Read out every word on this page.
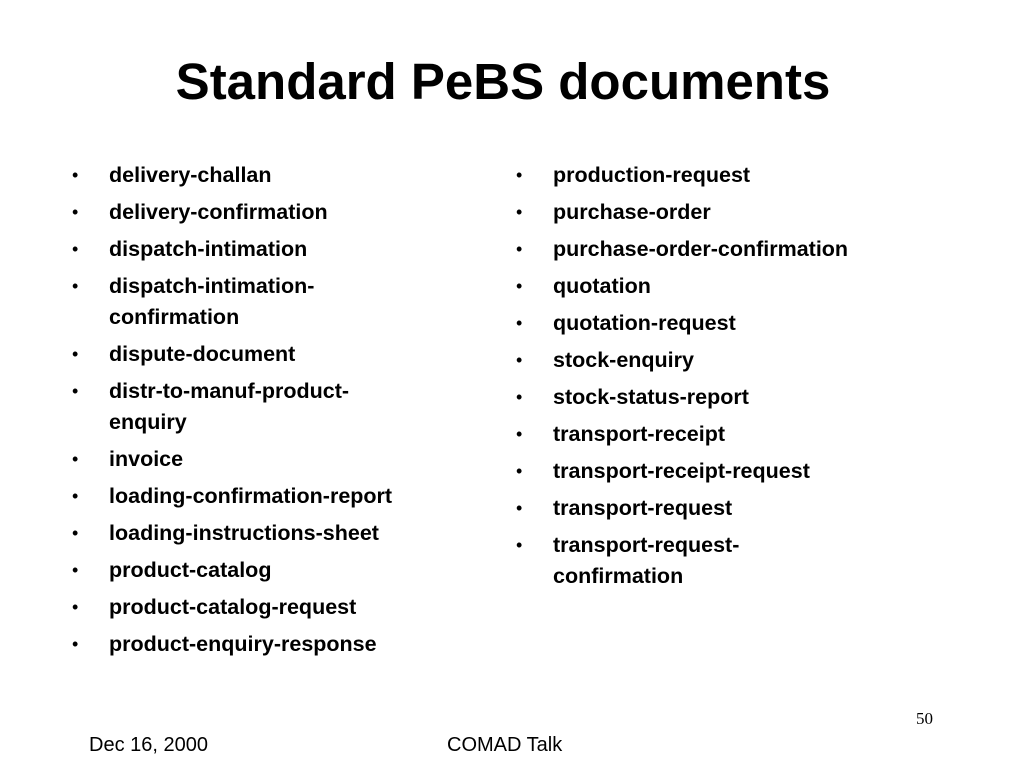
Standard PeBS documents
• delivery-challan
• delivery-confirmation
• dispatch-intimation
• dispatch-intimation-
confirmation
• dispute-document
• distr-to-manuf-product-
enquiry
• invoice
• loading-confirmation-report
• loading-instructions-sheet
• product-catalog
• product-catalog-request
• product-enquiry-response
• production-request
• purchase-order
• purchase-order-confirmation
• quotation
• quotation-request
• stock-enquiry
• stock-status-report
• transport-receipt
• transport-receipt-request
• transport-request
• transport-request-
confirmation
50
Dec 16, 2000	COMAD Talk
